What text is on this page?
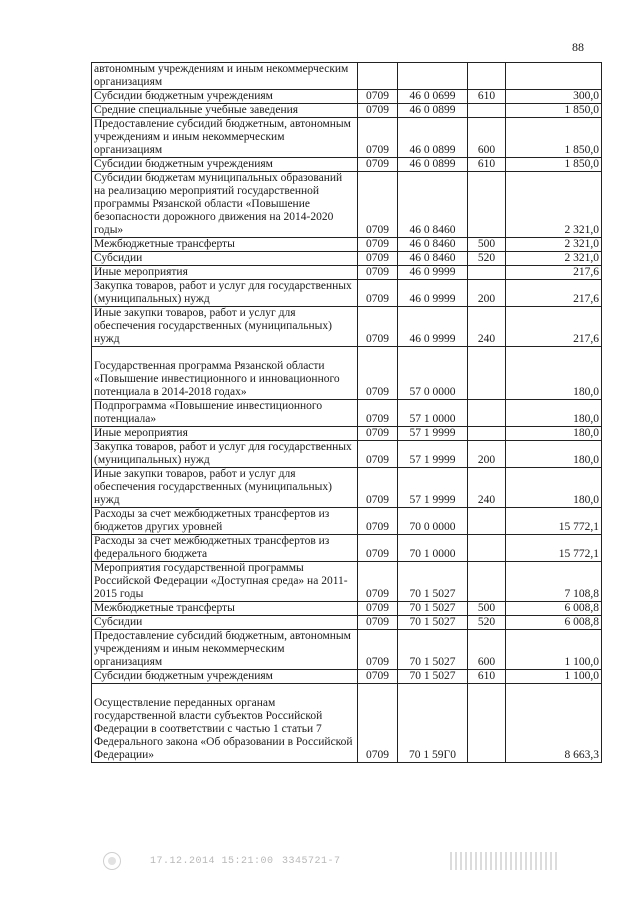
88
автономным учреждениям и иным некоммерческим организациям				
Субсидии бюджетным учреждениям	0709	46 0 0699	610	300,0
Средние специальные учебные заведения	0709	46 0 0899		1 850,0
Предоставление субсидий бюджетным, автономным учреждениям и иным некоммерческим организациям	0709	46 0 0899	600	1 850,0
Субсидии бюджетным учреждениям	0709	46 0 0899	610	1 850,0
Субсидии бюджетам муниципальных образований на реализацию мероприятий государственной программы Рязанской области «Повышение безопасности дорожного движения на 2014-2020 годы»	0709	46 0 8460		2 321,0
Межбюджетные трансферты	0709	46 0 8460	500	2 321,0
Субсидии	0709	46 0 8460	520	2 321,0
Иные мероприятия	0709	46 0 9999		217,6
Закупка товаров, работ и услуг для государственных (муниципальных) нужд	0709	46 0 9999	200	217,6
Иные закупки товаров, работ и услуг для обеспечения государственных (муниципальных) нужд	0709	46 0 9999	240	217,6
Государственная программа Рязанской области «Повышение инвестиционного и инновационного потенциала в 2014-2018 годах»	0709	57 0 0000		180,0
Подпрограмма «Повышение инвестиционного потенциала»	0709	57 1 0000		180,0
Иные мероприятия	0709	57 1 9999		180,0
Закупка товаров, работ и услуг для государственных (муниципальных) нужд	0709	57 1 9999	200	180,0
Иные закупки товаров, работ и услуг для обеспечения государственных (муниципальных) нужд	0709	57 1 9999	240	180,0
Расходы за счет межбюджетных трансфертов из бюджетов других уровней	0709	70 0 0000		15 772,1
Расходы за счет межбюджетных трансфертов из федерального бюджета	0709	70 1 0000		15 772,1
Мероприятия государственной программы Российской Федерации «Доступная среда» на 2011-2015 годы	0709	70 1 5027		7 108,8
Межбюджетные трансферты	0709	70 1 5027	500	6 008,8
Субсидии	0709	70 1 5027	520	6 008,8
Предоставление субсидий бюджетным, автономным учреждениям и иным некоммерческим организациям	0709	70 1 5027	600	1 100,0
Субсидии бюджетным учреждениям	0709	70 1 5027	610	1 100,0
Осуществление переданных органам государственной власти субъектов Российской Федерации в соответствии с частью 1 статьи 7 Федерального закона «Об образовании в Российской Федерации»	0709	70 1 59Г0		8 663,3
17.12.2014 15:21:00 3345721-7
